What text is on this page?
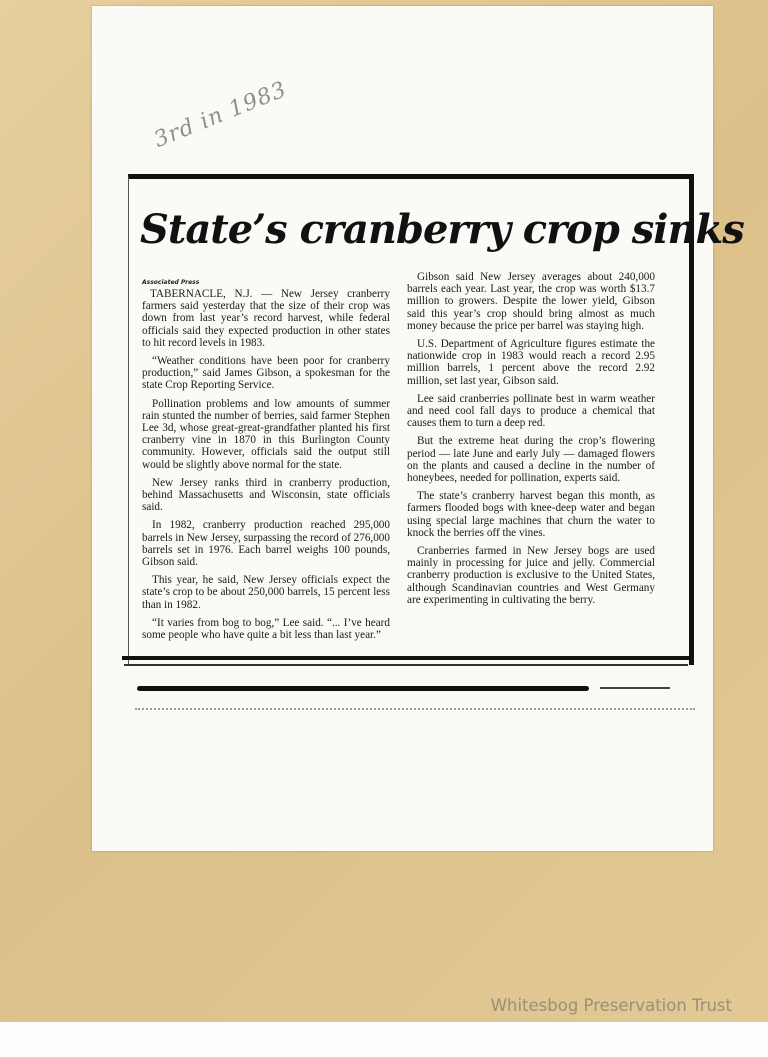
3rd in 1983
State’s cranberry crop sinks
Associated Press

TABERNACLE, N.J. — New Jersey cranberry farmers said yesterday that the size of their crop was down from last year’s record harvest, while federal officials said they expected production in other states to hit record levels in 1983.

“Weather conditions have been poor for cranberry production,” said James Gibson, a spokesman for the state Crop Reporting Service.

Pollination problems and low amounts of summer rain stunted the number of berries, said farmer Stephen Lee 3d, whose great-great-grandfather planted his first cranberry vine in 1870 in this Burlington County community. However, officials said the output still would be slightly above normal for the state.

New Jersey ranks third in cranberry production, behind Massachusetts and Wisconsin, state officials said.

In 1982, cranberry production reached 295,000 barrels in New Jersey, surpassing the record of 276,000 barrels set in 1976. Each barrel weighs 100 pounds, Gibson said.

This year, he said, New Jersey officials expect the state’s crop to be about 250,000 barrels, 15 percent less than in 1982.

“It varies from bog to bog,” Lee said. “... I’ve heard some people who have quite a bit less than last year.”

Gibson said New Jersey averages about 240,000 barrels each year. Last year, the crop was worth $13.7 million to growers. Despite the lower yield, Gibson said this year’s crop should bring almost as much money because the price per barrel was staying high.

U.S. Department of Agriculture figures estimate the nationwide crop in 1983 would reach a record 2.95 million barrels, 1 percent above the record 2.92 million, set last year, Gibson said.

Lee said cranberries pollinate best in warm weather and need cool fall days to produce a chemical that causes them to turn a deep red.

But the extreme heat during the crop’s flowering period — late June and early July — damaged flowers on the plants and caused a decline in the number of honeybees, needed for pollination, experts said.

The state’s cranberry harvest began this month, as farmers flooded bogs with knee-deep water and began using special large machines that churn the water to knock the berries off the vines.

Cranberries farmed in New Jersey bogs are used mainly in processing for juice and jelly. Commercial cranberry production is exclusive to the United States, although Scandinavian countries and West Germany are experimenting in cultivating the berry.

Whitesbog Preservation Trust
